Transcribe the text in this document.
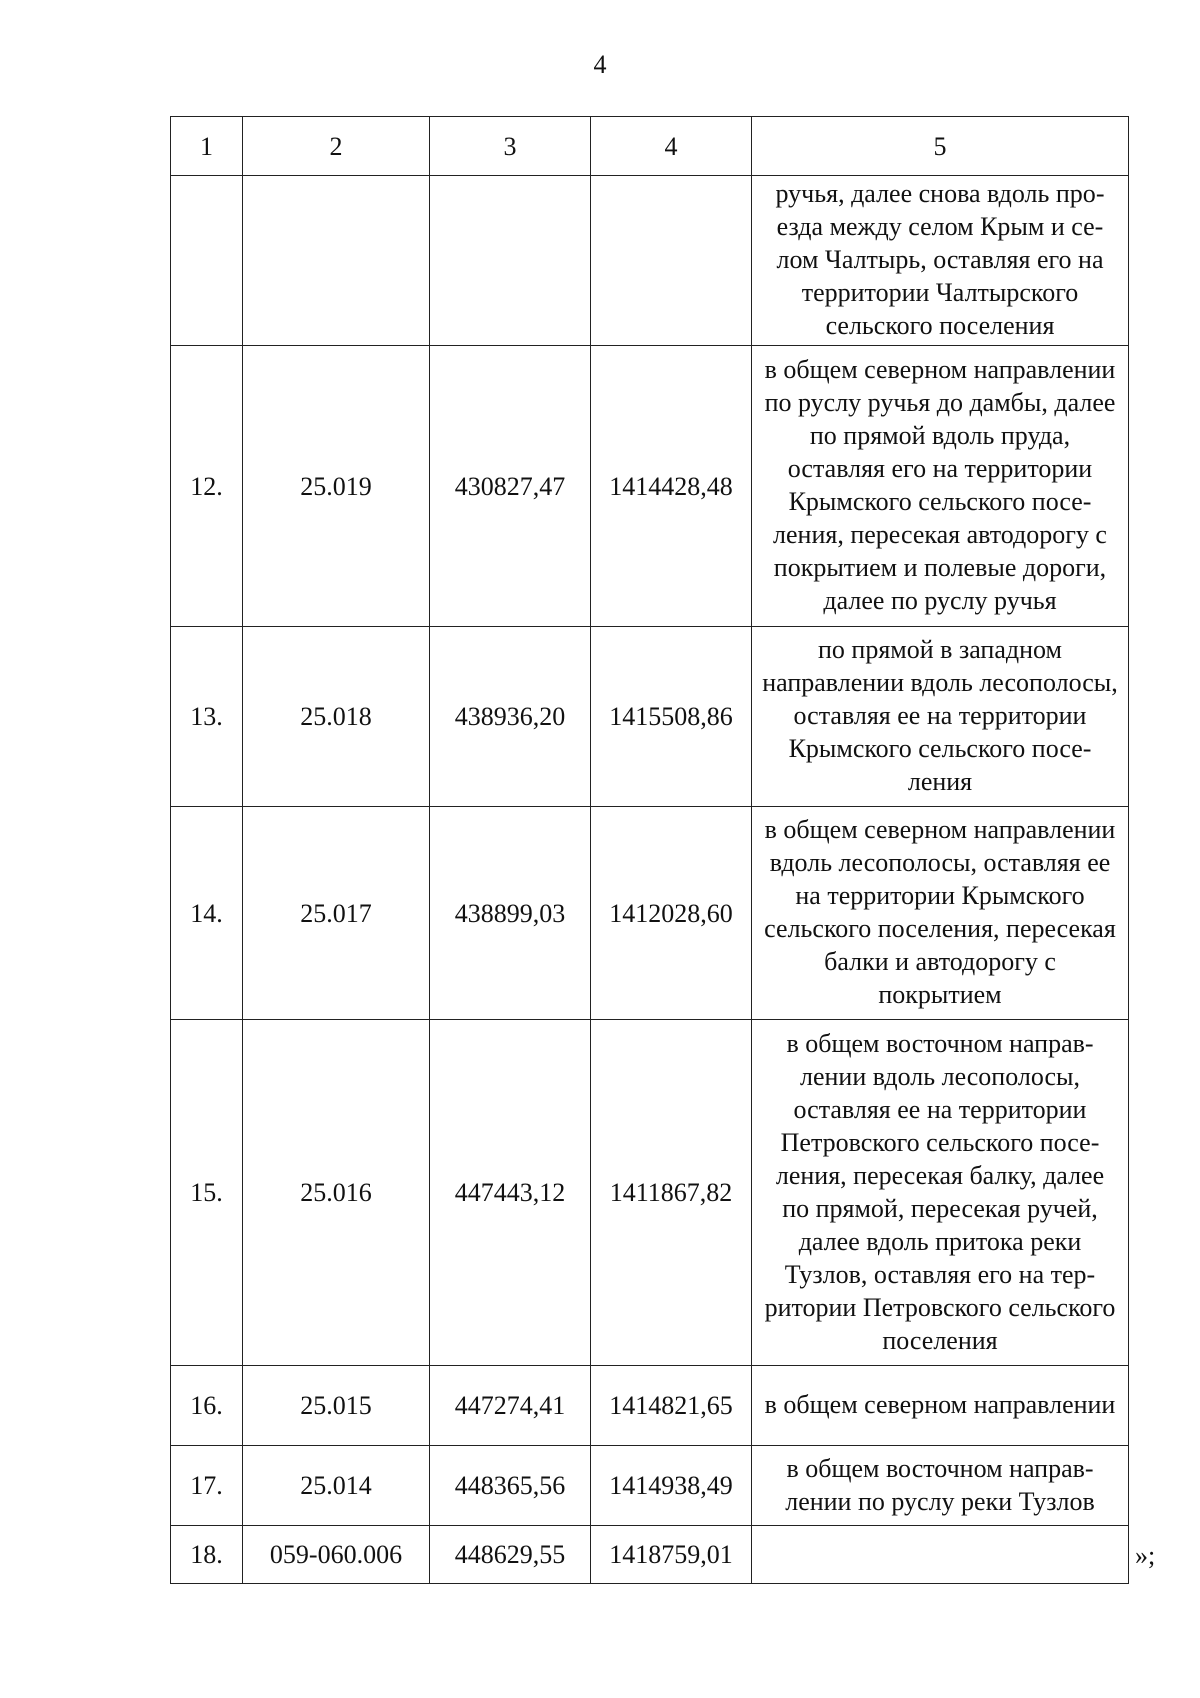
4
1	2	3	4	5
				ручья, далее снова вдоль проезда между селом Крым и селом Чалтырь, оставляя его на территории Чалтырского сельского поселения
12.	25.019	430827,47	1414428,48	в общем северном направлении по руслу ручья до дамбы, далее по прямой вдоль пруда, оставляя его на территории Крымского сельского поселения, пересекая автодорогу с покрытием и полевые дороги, далее по руслу ручья
13.	25.018	438936,20	1415508,86	по прямой в западном направлении вдоль лесополосы, оставляя ее на территории Крымского сельского поселения
14.	25.017	438899,03	1412028,60	в общем северном направлении вдоль лесополосы, оставляя ее на территории Крымского сельского поселения, пересекая балки и автодорогу с покрытием
15.	25.016	447443,12	1411867,82	в общем восточном направлении вдоль лесополосы, оставляя ее на территории Петровского сельского поселения, пересекая балку, далее по прямой, пересекая ручей, далее вдоль притока реки Тузлов, оставляя его на территории Петровского сельского поселения
16.	25.015	447274,41	1414821,65	в общем северном направлении
17.	25.014	448365,56	1414938,49	в общем восточном направлении по руслу реки Тузлов
18.	059-060.006	448629,55	1418759,01		»;
